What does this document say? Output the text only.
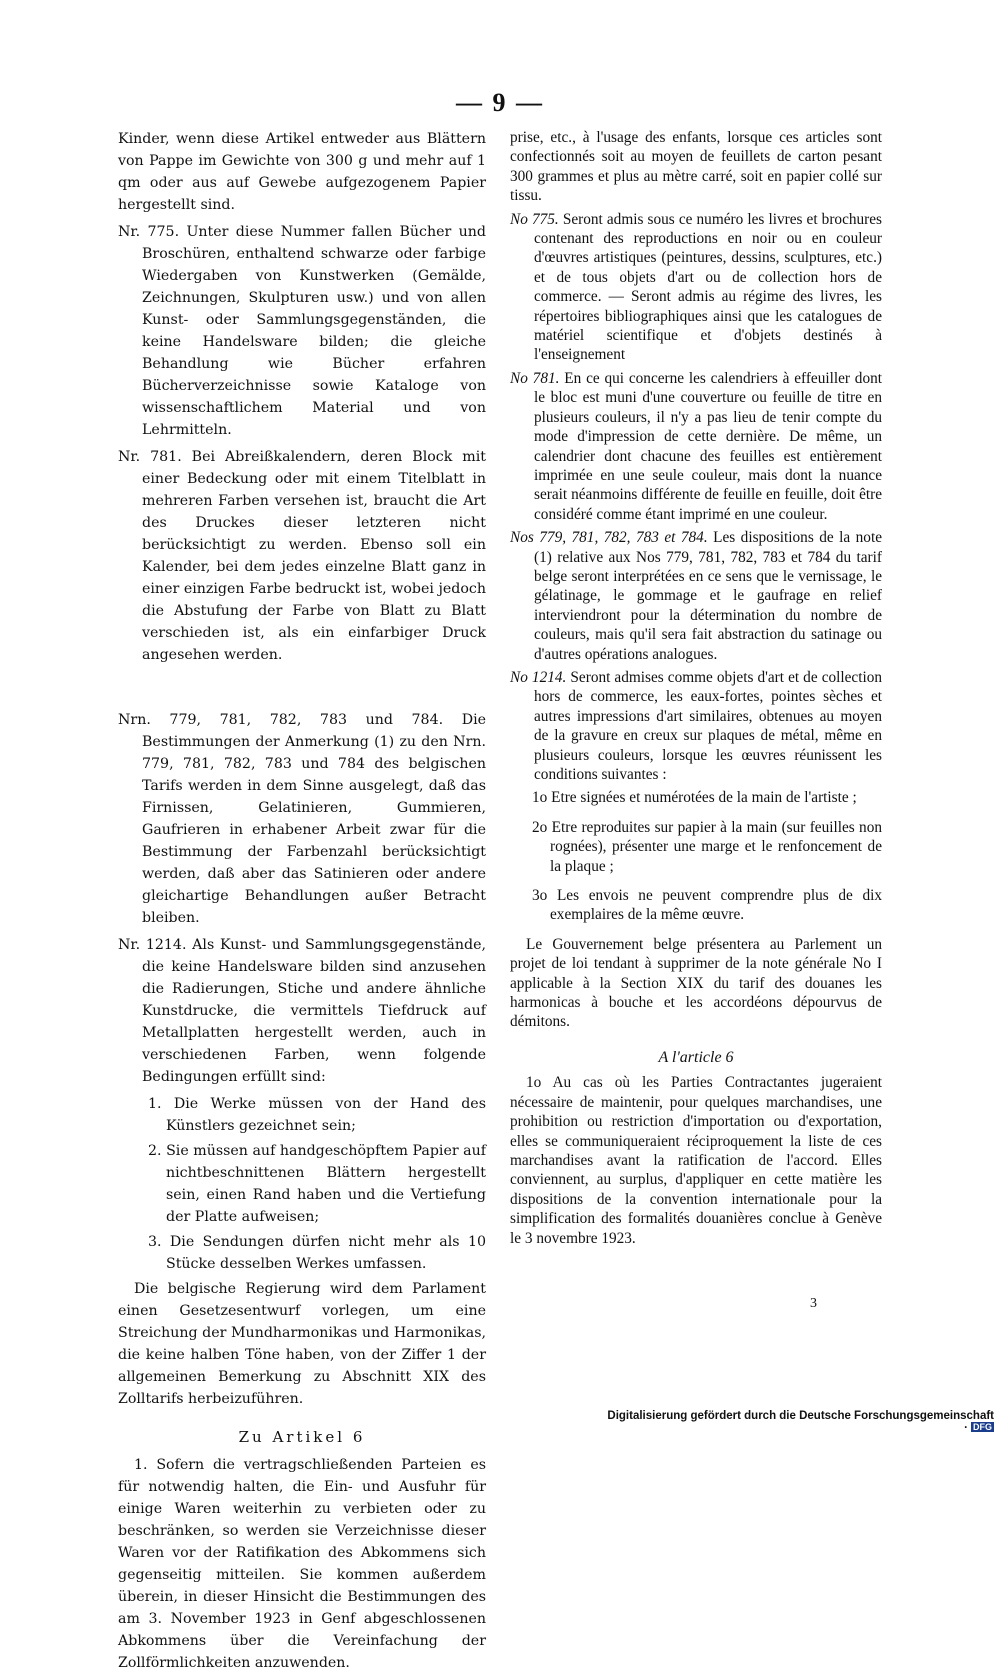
— 9 —

Kinder, wenn diese Artikel entweder aus Blättern von Pappe im Gewichte von 300 g und mehr auf 1 qm oder aus auf Gewebe aufgezogenem Papier hergestellt sind.

Nr. 775. Unter diese Nummer fallen Bücher und Broschüren, enthaltend schwarze oder farbige Wiedergaben von Kunstwerken (Gemälde, Zeichnungen, Skulpturen usw.) und von allen Kunst- oder Sammlungsgegenständen, die keine Handelsware bilden; die gleiche Behandlung wie Bücher erfahren Bücherverzeichnisse sowie Kataloge von wissenschaftlichem Material und von Lehrmitteln.

Nr. 781. Bei Abreißkalendern, deren Block mit einer Bedeckung oder mit einem Titelblatt in mehreren Farben versehen ist, braucht die Art des Druckes dieser letzteren nicht berücksichtigt zu werden. Ebenso soll ein Kalender, bei dem jedes einzelne Blatt ganz in einer einzigen Farbe bedruckt ist, wobei jedoch die Abstufung der Farbe von Blatt zu Blatt verschieden ist, als ein einfarbiger Druck angesehen werden.

Nrn. 779, 781, 782, 783 und 784. Die Bestimmungen der Anmerkung (1) zu den Nrn. 779, 781, 782, 783 und 784 des belgischen Tarifs werden in dem Sinne ausgelegt, daß das Firnissen, Gelatinieren, Gummieren, Gaufrieren in erhabener Arbeit zwar für die Bestimmung der Farbenzahl berücksichtigt werden, daß aber das Satinieren oder andere gleichartige Behandlungen außer Betracht bleiben.

Nr. 1214. Als Kunst- und Sammlungsgegenstände, die keine Handelsware bilden sind anzusehen die Radierungen, Stiche und andere ähnliche Kunstdrucke, die vermittels Tiefdruck auf Metallplatten hergestellt werden, auch in verschiedenen Farben, wenn folgende Bedingungen erfüllt sind:

1. Die Werke müssen von der Hand des Künstlers gezeichnet sein;
2. Sie müssen auf handgeschöpftem Papier auf nichtbeschnittenen Blättern hergestellt sein, einen Rand haben und die Vertiefung der Platte aufweisen;
3. Die Sendungen dürfen nicht mehr als 10 Stücke desselben Werkes umfassen.

Die belgische Regierung wird dem Parlament einen Gesetzesentwurf vorlegen, um eine Streichung der Mundharmonikas und Harmonikas, die keine halben Töne haben, von der Ziffer 1 der allgemeinen Bemerkung zu Abschnitt XIX des Zolltarifs herbeizuführen.

Zu Artikel 6

1. Sofern die vertragschließenden Parteien es für notwendig halten, die Ein- und Ausfuhr für einige Waren weiterhin zu verbieten oder zu beschränken, so werden sie Verzeichnisse dieser Waren vor der Ratifikation des Abkommens sich gegenseitig mitteilen. Sie kommen außerdem überein, in dieser Hinsicht die Bestimmungen des am 3. November 1923 in Genf abgeschlossenen Abkommens über die Vereinfachung der Zollförmlichkeiten anzuwenden.

prise, etc., à l'usage des enfants, lorsque ces articles sont confectionnés soit au moyen de feuillets de carton pesant 300 grammes et plus au mètre carré, soit en papier collé sur tissu.

No 775. Seront admis sous ce numéro les livres et brochures contenant des reproductions en noir ou en couleur d'œuvres artistiques (peintures, dessins, sculptures, etc.) et de tous objets d'art ou de collection hors de commerce. — Seront admis au régime des livres, les répertoires bibliographiques ainsi que les catalogues de matériel scientifique et d'objets destinés à l'enseignement

No 781. En ce qui concerne les calendriers à effeuiller dont le bloc est muni d'une couverture ou feuille de titre en plusieurs couleurs, il n'y a pas lieu de tenir compte du mode d'impression de cette dernière. De même, un calendrier dont chacune des feuilles est entièrement imprimée en une seule couleur, mais dont la nuance serait néanmoins différente de feuille en feuille, doit être considéré comme étant imprimé en une couleur.

Nos 779, 781, 782, 783 et 784. Les dispositions de la note (1) relative aux Nos 779, 781, 782, 783 et 784 du tarif belge seront interprétées en ce sens que le vernissage, le gélatinage, le gommage et le gaufrage en relief interviendront pour la détermination du nombre de couleurs, mais qu'il sera fait abstraction du satinage ou d'autres opérations analogues.

No 1214. Seront admises comme objets d'art et de collection hors de commerce, les eaux-fortes, pointes sèches et autres impressions d'art similaires, obtenues au moyen de la gravure en creux sur plaques de métal, même en plusieurs couleurs, lorsque les œuvres réunissent les conditions suivantes :

1o Etre signées et numérotées de la main de l'artiste ;
2o Etre reproduites sur papier à la main (sur feuilles non rognées), présenter une marge et le renfoncement de la plaque ;
3o Les envois ne peuvent comprendre plus de dix exemplaires de la même œuvre.

Le Gouvernement belge présentera au Parlement un projet de loi tendant à supprimer de la note générale No I applicable à la Section XIX du tarif des douanes les harmonicas à bouche et les accordéons dépourvus de démitons.

A l'article 6

1o Au cas où les Parties Contractantes jugeraient nécessaire de maintenir, pour quelques marchandises, une prohibition ou restriction d'importation ou d'exportation, elles se communiqueraient réciproquement la liste de ces marchandises avant la ratification de l'accord. Elles conviennent, au surplus, d'appliquer en cette matière les dispositions de la convention internationale pour la simplification des formalités douanières conclue à Genève le 3 novembre 1923.

3
Digitalisierung gefördert durch die Deutsche Forschungsgemeinschaft · DFG
